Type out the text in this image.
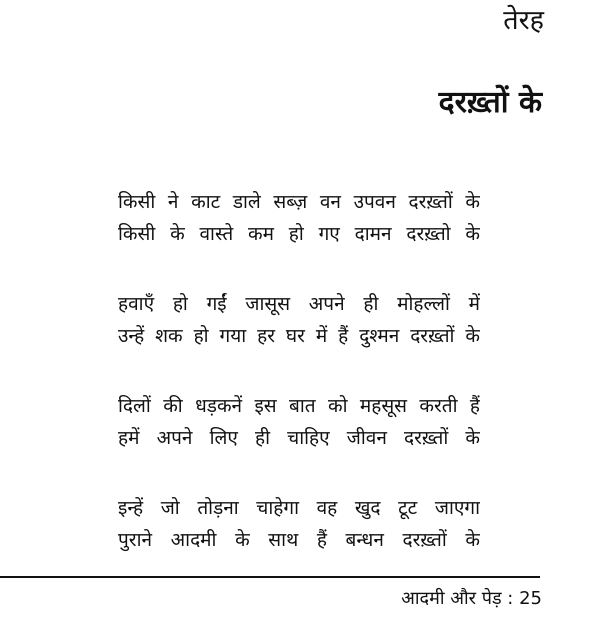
तेरह
दरख़्तों के
किसी ने काट डाले सब्ज़ वन उपवन दरख़्तों के
किसी के वास्ते कम हो गए दामन दरख़्तो के
हवाएँ हो गईं जासूस अपने ही मोहल्लों में
उन्हें शक हो गया हर घर में हैं दुश्मन दरख़्तों के
दिलों की धड़कनें इस बात को महसूस करती हैं
हमें अपने लिए ही चाहिए जीवन दरख़्तों के
इन्हें जो तोड़ना चाहेगा वह खुद टूट जाएगा
पुराने आदमी के साथ हैं बन्धन दरख़्तों के
आदमी और पेड़ : 25
